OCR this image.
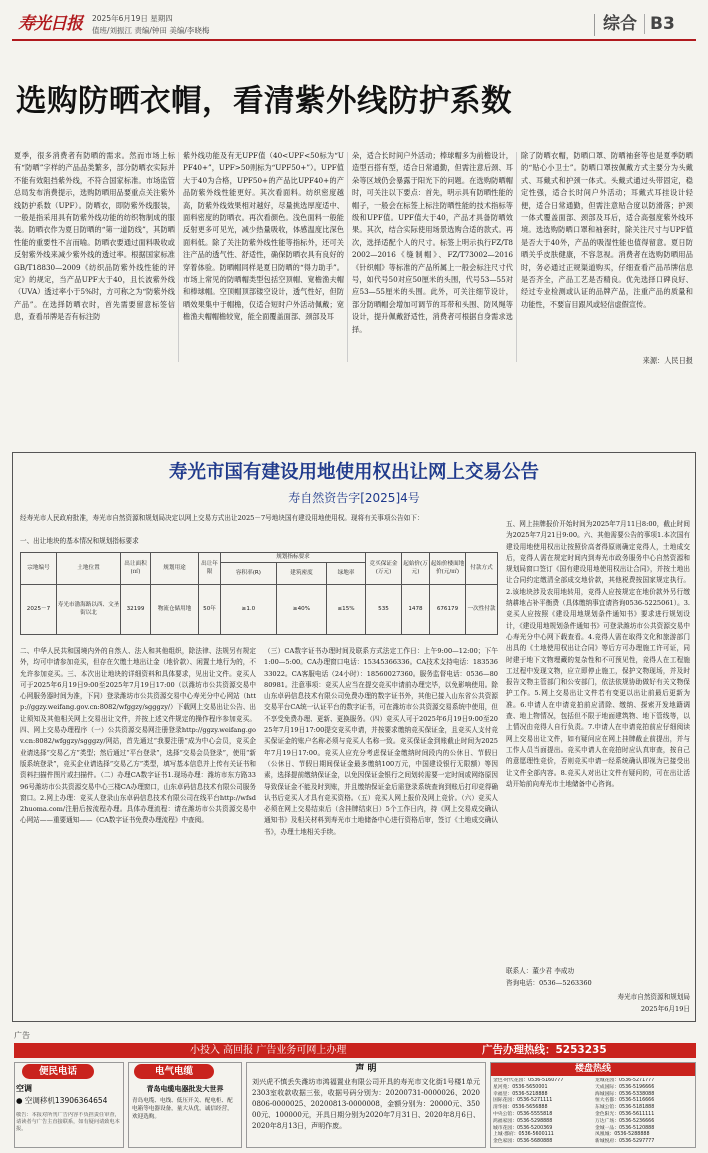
寿光日报	2025年6月19日 星期四
值班/刘振江 责编/钟田 美编/李晓梅	综合 B3
选购防晒衣帽，看清紫外线防护系数
夏季，很多消费者有防晒的需求。然而市场上标有“防晒”字样的产品品类繁多，部分防晒衣实际并不能有效阻挡紫外线，不符合国家标准。市场监管总局发布消费提示，选购防晒用品要重点关注紫外线防护系数（UPF）。防晒衣，即防紫外线服装，一般是指采用具有防紫外线功能的纺织物制成的服装。防晒衣作为夏日防晒的“第一道防线”，其防晒性能的重要性不言而喻。防晒衣要通过面料吸收或反射紫外线来减少紫外线的透过率。根据国家标准GB/T18830—2009《纺织品防紫外线性能的评定》的规定，当产品UPF大于40，且长波紫外线（UVA）透过率小于5%时，方可称之为“防紫外线产品”。在选择防晒衣时，首先需要留意标签信息，查看吊牌是否有标注防
紫外线功能及有无UPF值（40<UPF<50标为“UPF40+”，UPF>50则标为“UPF50+”）。UPF值大于40为合格，UPF50+的产品比UPF40+的产品防紫外线性能更好。其次看面料。纺织密度越高，防紫外线效果相对越好，尽量挑选厚度适中、面料密度的防晒衣。再次看颜色。浅色面料一般能反射更多可见光，减少热量吸收，体感温度比深色面料低。除了关注防紫外线性能等指标外，还可关注产品的透气性、舒适性，确保防晒衣具有良好的穿着体验。防晒帽同样是夏日防晒的“得力助手”。市场上常见的防晒帽类型包括空顶帽、宽檐渔夫帽和棒球帽。空顶帽顶部镂空设计，透气性好，但防晒效果集中于帽檐，仅适合短时户外活动佩戴；宽檐渔夫帽帽檐较宽，能全面覆盖面部、颈部及耳
朵，适合长时间户外活动；棒球帽多为前檐设计，造型百搭有型，适合日常通勤，但需注意后颈、耳朵等区域仍会暴露于阳光下的问题。在选购防晒帽时，可关注以下要点：首先，明示具有防晒性能的帽子，一般会在标签上标注防晒性能的技术指标等级和UPF值。UPF值大于40，产品才具备防晒效果。其次，结合实际使用场景选购合适的款式。再次，选择适配个人的尺寸。标签上明示执行FZ/T82002—2016《缝制帽》、FZ/T73002—2016《针织帽》等标准的产品所属上一般会标注尺寸代号，如代号50对应50厘米的头围，代号53—55对应53—55厘米的头围。此外，可关注细节设计，部分防晒帽会增加可调节的耳带和头围、防风绳等设计，提升佩戴舒适性，消费者可根据自身需求选择。
除了防晒衣帽，防晒口罩、防晒袖套等也是夏季防晒的“贴心小卫士”。防晒口罩按佩戴方式主要分为头戴式、耳戴式和护颈一体式。头戴式通过头带固定，稳定性强，适合长时间户外活动；耳戴式耳挂设计轻便，适合日常通勤，但需注意贴合度以防滑落；护颈一体式覆盖面部、颈部及耳后，适合高强度紫外线环境。选选购防晒口罩和袖套时，除关注尺寸与UPF值是否大于40外，产品的吸湿性能也值得留意。夏日防晒关乎皮肤健康，不容忽视。消费者在选购防晒用品时，务必通过正规渠道购买，仔细查看产品吊牌信息是否齐全，产品工艺是否精良。优先选择口碑良好、经过专业检测或认证的品牌产品，注重产品的质量和功能性，不要盲目跟风或轻信虚假宣传。
来源：人民日报
寿光市国有建设用地使用权出让网上交易公告
寿自然资告字[2025]4号
经寿光市人民政府批准，寿光市自然资源和规划局决定以网上交易方式出让2025－7号地块国有建设用地使用权。现将有关事项公告如下：
一、出让地块的基本情况和规划指标要求
宗地编号	土地位置	出让面积(㎡)	规划用途	出让年限	规划指标要求			竞买保证金(万元)	起始价(万元)	起始价楼面地价(元/㎡)	付款方式
					容积率(R)	建筑密度	绿地率				
2025－7	寿光市渤海路以西、文圣街以北	32199	物流仓储用地	50年	≥1.0	≥40%	≤15%	535	1478	676179	一次性付款
二、中华人民共和国境内外的自然人、法人和其他组织，除法律、法规另有规定外，均可申请参加竞买，但存在欠缴土地出让金（地价款）、闲置土地行为的，不允许参加竞买。三、本次出让地块的详细资料和具体要求，见出让文件。竞买人可于2025年6月19日9:00至2025年7月19日17:00（以潍坊市公共资源交易中心网服务器时间为准，下同）登录潍坊市公共资源交易中心寿光分中心网站（http://ggzy.weifang.gov.cn:8082/wfggzy/sgggzy/）下载网上交易出让公告、出让须知及其他相关网上交易出让文件，并按上述文件规定的操作程序参加竞买。四、网上交易办理程序（一）公共资源交易网注册登录http://ggzy.weifang.gov.cn:8082/wfggzy/sgggzy/网站，首先通过“我要注册”成为中心会员，竞买企业请选择“交易乙方”类型；然后通过“平台登录”，选择“交易会员登录”，使用“新版系统登录”，竞买企业请选择“交易乙方”类型，填写基本信息并上传有关证书和资料扫描件图片或扫描件。（二）办理CA数字证书1.现场办理：潍坊市东方路3396号潍坊市公共资源交易中心三楼CA办理窗口，山东卓码信息技术有限公司服务窗口。2.网上办理：竞买人登录山东卓码信息技术有限公司在线平台http://wfsd2huoma.com/注册后按流程办理。具体办理流程：请在潍坊市公共资源交易中心网站——重要通知——《CA数字证书免费办理流程》中查阅。
（三）CA数字证书办理时间及联系方式法定工作日：上午9:00—12:00；下午1:00—5:00。CA办理窗口电话：15345366336。CA技术支持电话：18353633022。CA客服电话（24小时）：18560027360。服务监督电话：0536—8080981。注意事项：竞买人应当在提交竞买申请前办理完毕，以免影响使用。除山东卓码信息技术有限公司免费办理的数字证书外，其他已接入山东省公共资源交易平台CA统一认证平台的数字证书，可在潍坊市公共资源交易系统中使用，但不享受免费办理、更新、更换服务。（四）竞买人可于2025年6月19日9:00至2025年7月19日17:00提交竞买申请，并按要求缴纳竞买保证金，且竞买人支付竞买保证金的账户名称必须与竞买人名称一致。竞买保证金到账截止时间为2025年7月19日17:00。竞买人应充分考虑保证金缴纳时间段内的公休日、节假日（公休日、节假日期间保证金最多缴纳100万元，中国建设银行无限额）等因素，选择提前缴纳保证金，以免因保证金银行之间划转需要一定时间或网络原因导致保证金不能及时到账，并且缴纳保证金后需登录系统查询到账后打印竞得确认书后竞买人才具有竞买资格。（五）竞买人网上报价及网上竞价。（六）竞买人必须在网上交易结束后（含挂牌结束日）5个工作日内，持《网上交易成交确认通知书》及相关材料到寿光市土地储备中心进行资格后审，签订《土地成交确认书》，办理土地相关手续。
五、网上挂牌报价开始时间为2025年7月11日8:00，截止时间为2025年7月21日9:00。六、其他需要公告的事项1.本次国有建设用地使用权出让按照价高者得原则确定竞得人，土地成交后，竞得人需在规定时间内到寿光市政务服务中心自然资源和规划局窗口签订《国有建设用地使用权出让合同》，并按土地出让合同约定缴清全部成交地价款，其他税费按国家规定执行。2.该地块涉及农用地转用，竞得人应按规定在地价款外另行缴纳耕地占补平衡费（具体缴纳事宜请咨询0536-5225061）。3.竞买人应按照《建设用地规划条件通知书》要求进行规划设计，《建设用地规划条件通知书》可登录潍坊市公共资源交易中心寿光分中心网下载查看。4.竞得人需在取得文化和旅游部门出具的《土地使用权出让合同》等后方可办理施工许可证，同时建于地下文物埋藏的复杂性和不可预见性，竞得人在工程施工过程中发现文物，应立即停止施工，保护文物现场，并及时报告文物主管部门和公安部门，依法依规协助做好有关文物保护工作。5.网上交易出让文件若有变更以出让前最后更新为准。6.申请人在申请竞拍前应清除、缴纳、探索开发地籍调查、地上物情况，包括但不限于地面建筑物、地下管线等，以上情况由竞得人自行负责。7.申请人在申请竞拍前应仔细阅读网上交易出让文件，如有疑问应在网上挂牌截止前提出，并与工作人员当面提出。竞买申请人在竞拍时应认真审查，按自己的意愿理性竞价，否则竞买申请一经系统确认即视为已接受出让文件全部内容。8.竞买人对出让文件有疑问的，可在出让活动开始前向寿光市土地储备中心咨询。
联系人：董少君 李成功
咨询电话：0536—5263360
寿光市自然资源和规划局
2025年6月19日
广告
小投入 高回报 广告业务可网上办理	广告办理热线：5253235
便民电话
空调
● 空调移机13906364654
敬告：本报对所刊广告内容不负担责任审查，请读者与广告主直接联系，如有疑问请致电本报。
电气电缆
青岛电缆电器批发大世界
青岛电缆、电线、低压开关、配电柜、配电箱等电器设备，量大从优，诚信经营，欢迎选购。
声 明
刘兴虎不慎丢失潍坊市鸿福置业有限公司开具的寿光市文化街1号楼1单元2303室收款收据三张，收据号码分别为：20200731-0000026、20200806-0000025、20200813-0000008，金额分别为：20000元、35000元、100000元，开具日期分别为2020年7月31日、2020年8月6日、2020年8月13日，声明作废。
楼盘热线
金色·时代花园：0536-5160777	龙城花园：0536-5271777
星河苑：0536-5650001	天成国际：0536-5196666
幸福里：0536-5218888	海城国际：0536-5338088
国际花园：0536-5271111	恒大名都：0536-5116666
清华园：0536-5656888	东城公馆：0536-5181888
中央公馆：0536-5555818	金色阳光：0536-5611111
鸿福家园：0536-5298888	万达广场：0536-5236666
城市花园：0536-5200369	金城一品：0536-5120888
上城·郡府：0536-5600111	凤凰城：0536-5288888
金色家园：0536-5680888	新城悦府：0536-5297777
